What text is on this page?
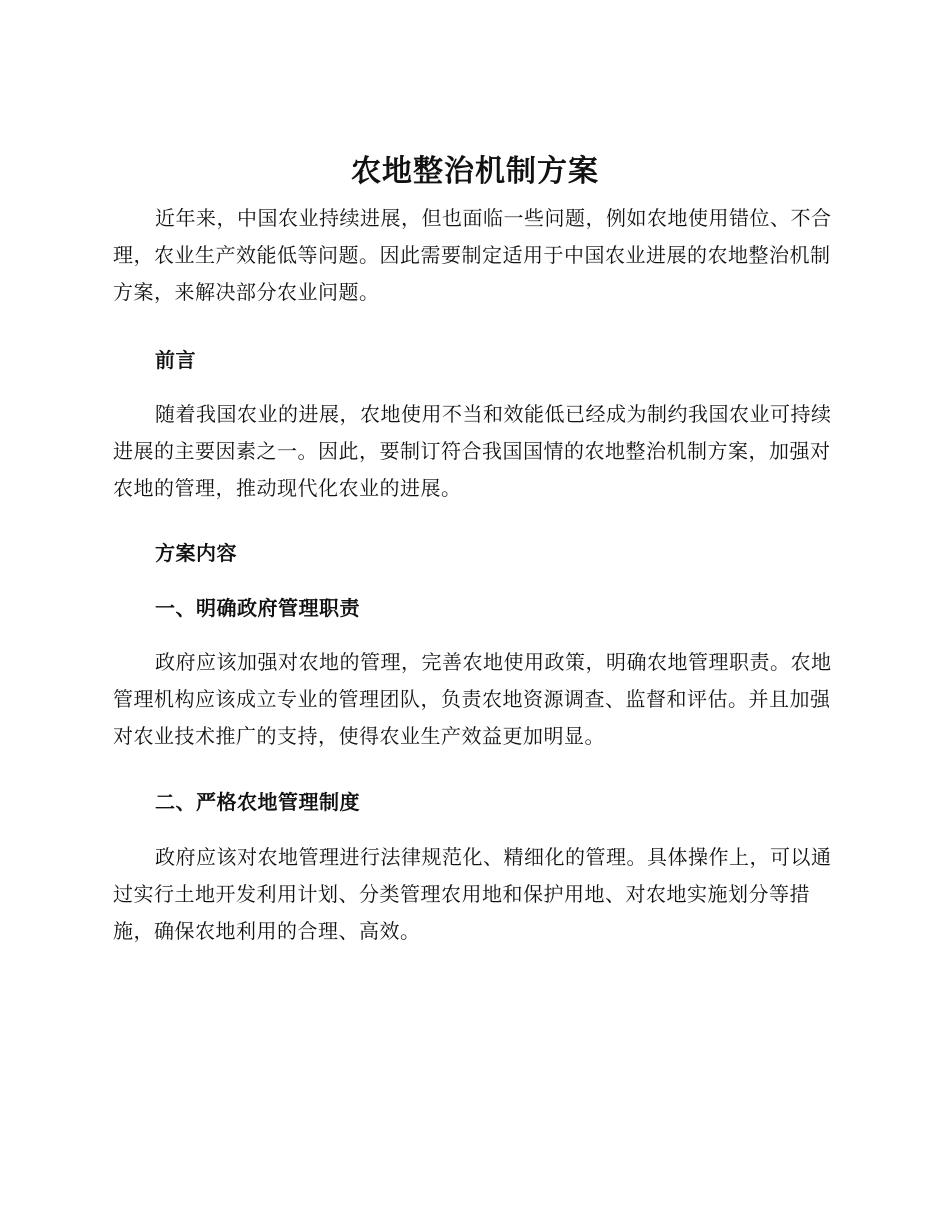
农地整治机制方案

近年来，中国农业持续进展，但也面临一些问题，例如农地使用错位、不合理，农业生产效能低等问题。因此需要制定适用于中国农业进展的农地整治机制方案，来解决部分农业问题。

前言

随着我国农业的进展，农地使用不当和效能低已经成为制约我国农业可持续进展的主要因素之一。因此，要制订符合我国国情的农地整治机制方案，加强对农地的管理，推动现代化农业的进展。

方案内容
一、明确政府管理职责

政府应该加强对农地的管理，完善农地使用政策，明确农地管理职责。农地管理机构应该成立专业的管理团队，负责农地资源调查、监督和评估。并且加强对农业技术推广的支持，使得农业生产效益更加明显。

二、严格农地管理制度

政府应该对农地管理进行法律规范化、精细化的管理。具体操作上，可以通过实行土地开发利用计划、分类管理农用地和保护用地、对农地实施划分等措施，确保农地利用的合理、高效。
